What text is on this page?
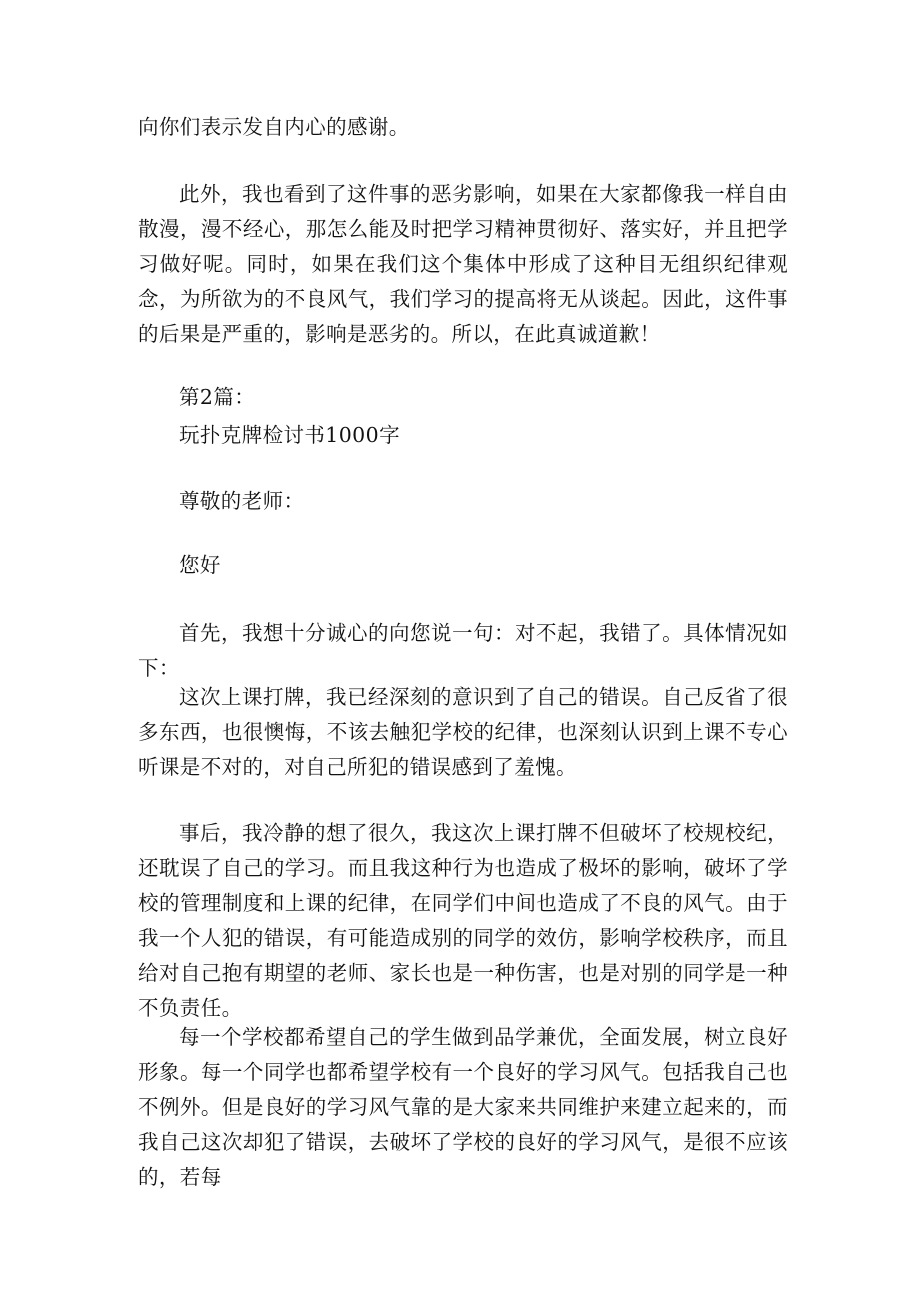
向你们表示发自内心的感谢。

此外，我也看到了这件事的恶劣影响，如果在大家都像我一样自由散漫，漫不经心，那怎么能及时把学习精神贯彻好、落实好，并且把学习做好呢。同时，如果在我们这个集体中形成了这种目无组织纪律观念，为所欲为的不良风气，我们学习的提高将无从谈起。因此，这件事的后果是严重的，影响是恶劣的。所以，在此真诚道歉！

第2篇：

玩扑克牌检讨书1000字

尊敬的老师：

您好

首先，我想十分诚心的向您说一句：对不起，我错了。具体情况如下：

这次上课打牌，我已经深刻的意识到了自己的错误。自己反省了很多东西，也很懊悔，不该去触犯学校的纪律，也深刻认识到上课不专心听课是不对的，对自己所犯的错误感到了羞愧。

事后，我冷静的想了很久，我这次上课打牌不但破坏了校规校纪，还耽误了自己的学习。而且我这种行为也造成了极坏的影响，破坏了学校的管理制度和上课的纪律，在同学们中间也造成了不良的风气。由于我一个人犯的错误，有可能造成别的同学的效仿，影响学校秩序，而且给对自己抱有期望的老师、家长也是一种伤害，也是对别的同学是一种不负责任。

每一个学校都希望自己的学生做到品学兼优，全面发展，树立良好形象。每一个同学也都希望学校有一个良好的学习风气。包括我自己也不例外。但是良好的学习风气靠的是大家来共同维护来建立起来的，而我自己这次却犯了错误，去破坏了学校的良好的学习风气，是很不应该的，若每
